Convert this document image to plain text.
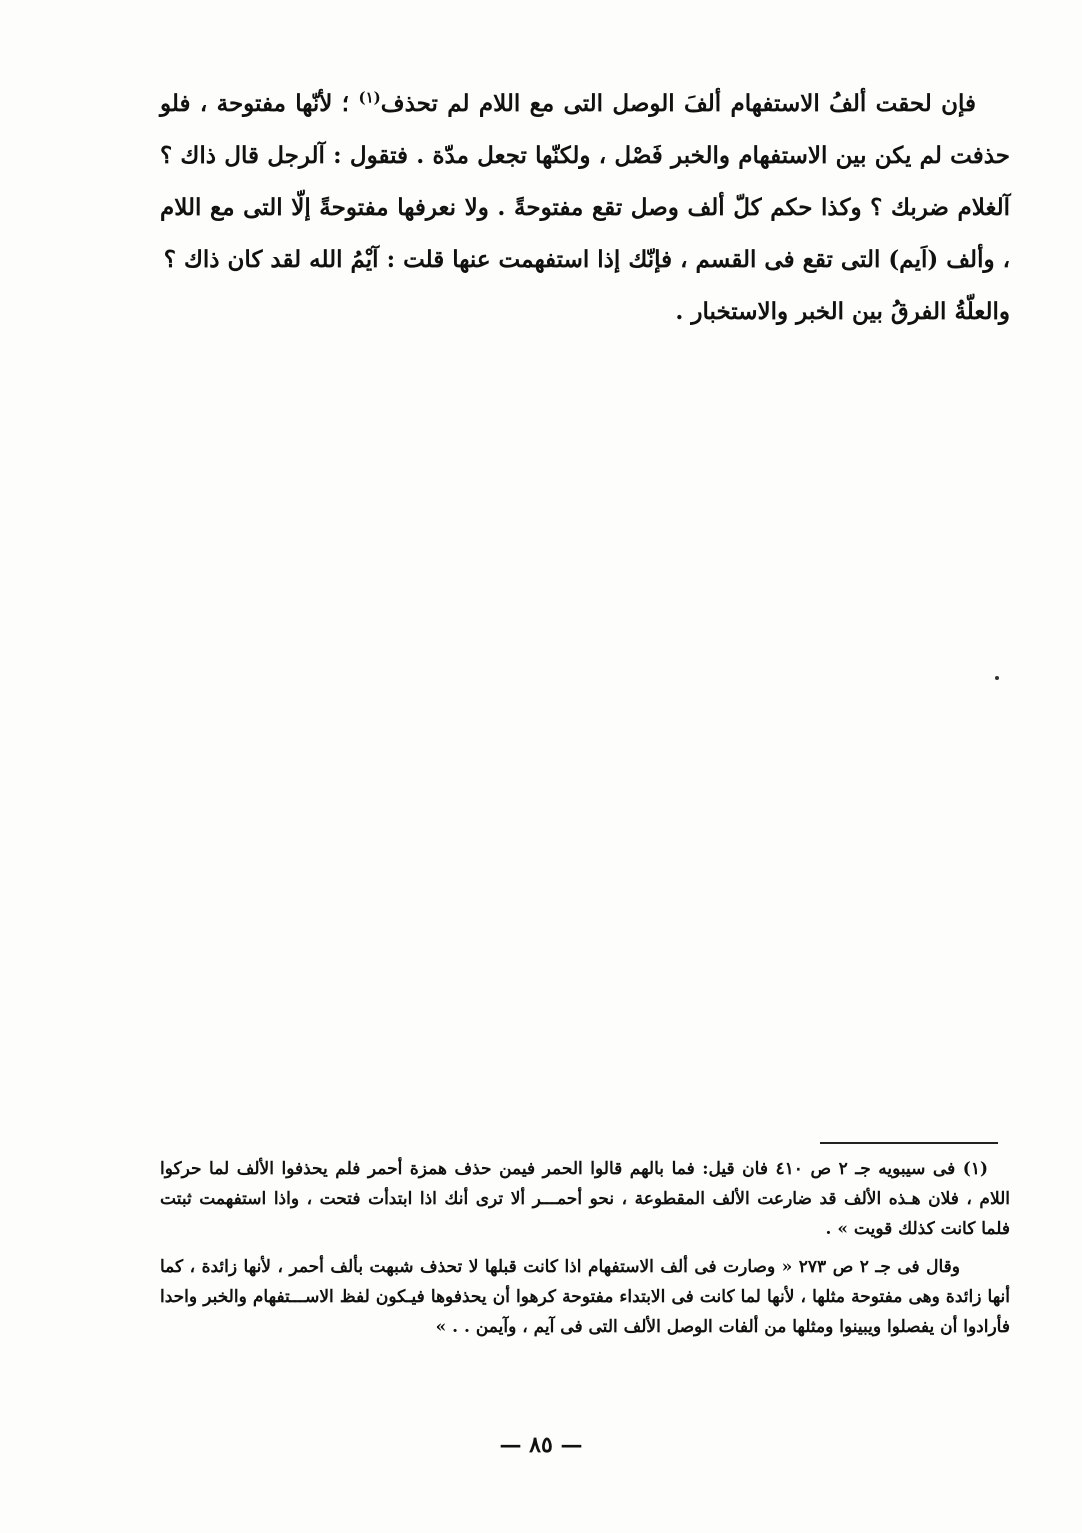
فإن لحقت ألفُ الاستفهام ألفَ الوصل التى مع اللام لم تحذف$^{(١)}$ ؛ لأنّها مفتوحة ، فلو حذفت لم يكن بين الاستفهام والخبر فَصْل ، ولكنّها تجعل مدّة . فتقول : آلرجل قال ذاك ؟ آلغلام ضربك ؟ وكذا حكم كلّ ألف وصل تقع مفتوحةً . ولا نعرفها مفتوحةً إلّا التى مع اللام ، وألف (اَيم) التى تقع فى القسم ، فإنّك إذا استفهمت عنها قلت : آيْمُ الله لقد كان ذاك ؟

والعلّةُ الفرقُ بين الخبر والاستخبار .

(١) فى سيبويه جـ ٢ ص ٤١٠ فان قيل: فما بالهم قالوا الحمر فيمن حذف همزة أحمر فلم يحذفوا الألف لما حركوا اللام ، فلان هـذه الألف قد ضارعت الألف المقطوعة ، نحو أحمـــر ألا ترى أنك اذا ابتدأت فتحت ، واذا استفهمت ثبتت فلما كانت كذلك قويت » .

وقال فى جـ ٢ ص ٢٧٣ « وصارت فى ألف الاستفهام اذا كانت قبلها لا تحذف شبهت بألف أحمر ، لأنها زائدة ، كما أنها زائدة وهى مفتوحة مثلها ، لأنها لما كانت فى الابتداء مفتوحة كرهوا أن يحذفوها فيـكون لفظ الاســـتفهام والخبر واحدا فأرادوا أن يفصلوا ويبينوا ومثلها من ألفات الوصل الألف التى فى آيم ، وآيمن . . »

— ٨٥ —
